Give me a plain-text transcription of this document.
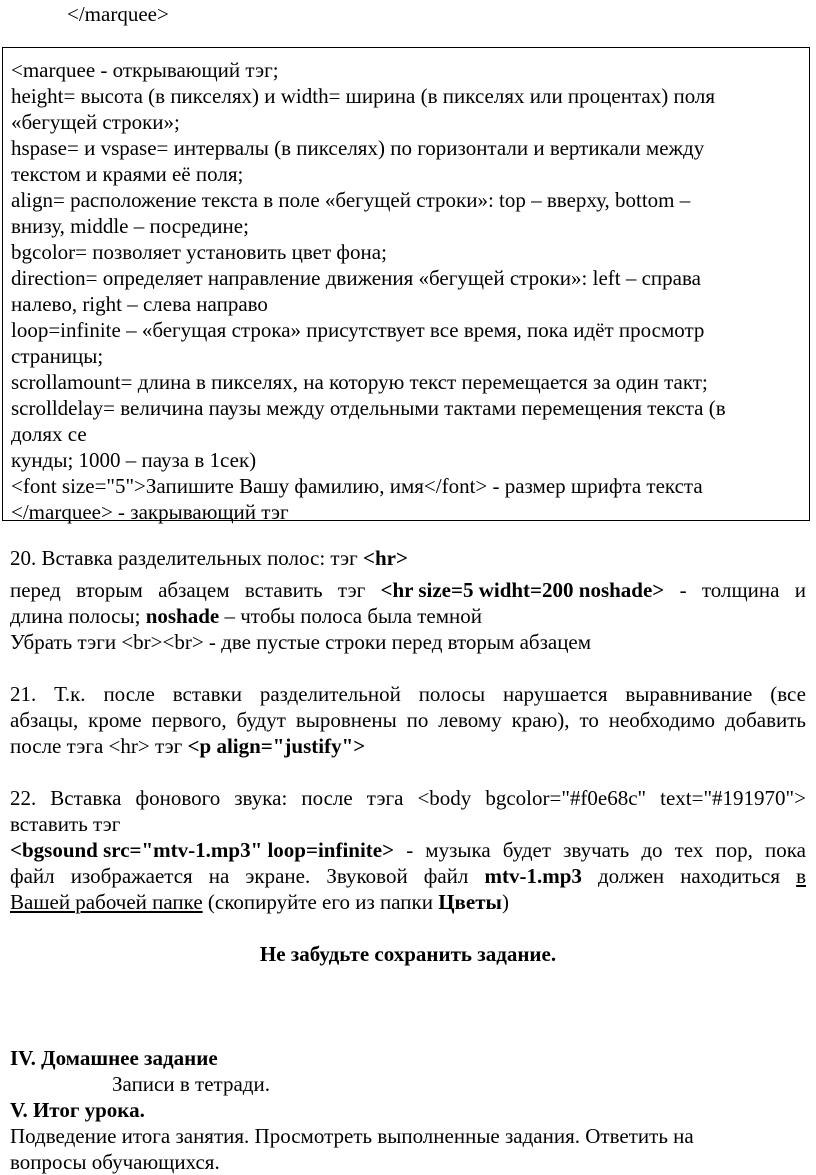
</marquee>
<marquee - открывающий тэг;
height= высота (в пикселях) и width= ширина (в пикселях или процентах) поля
«бегущей строки»;
hspase= и vspase= интервалы (в пикселях) по горизонтали и вертикали между
текстом и краями её поля;
align= расположение текста в поле «бегущей строки»: top – вверху, bottom –
внизу, middle – посредине;
bgcolor= позволяет установить цвет фона;
direction= определяет направление движения «бегущей строки»: left – справа
налево, right – слева направо
loop=infinite – «бегущая строка» присутствует все время, пока идёт просмотр
страницы;
scrollamount= длина в пикселях, на которую текст перемещается за один такт;
scrolldelay= величина паузы между отдельными тактами перемещения текста (в
долях се
кунды; 1000 – пауза в 1сек)
<font size="5">Запишите Вашу фамилию, имя</font> - размер шрифта текста
</marquee> - закрывающий тэг
20. Вставка разделительных полос: тэг <hr>
перед вторым абзацем вставить тэг <hr size=5 widht=200 noshade> - толщина и
длина полосы; noshade – чтобы полоса была темной
Убрать тэги <br><br> - две пустые строки перед вторым абзацем
21. Т.к. после вставки разделительной полосы нарушается выравнивание (все
абзацы, кроме первого, будут выровнены по левому краю), то необходимо добавить
после тэга <hr> тэг <p align="justify">
22. Вставка фонового звука: после тэга <body bgcolor="#f0e68c" text="#191970">
вставить тэг
<bgsound src="mtv-1.mp3" loop=infinite> - музыка будет звучать до тех пор, пока
файл изображается на экране. Звуковой файл mtv-1.mp3 должен находиться в
Вашей рабочей папке (скопируйте его из папки Цветы)
Не забудьте сохранить задание.
IV. Домашнее задание
Записи в тетради.
V. Итог урока.
Подведение итога занятия. Просмотреть выполненные задания. Ответить на
вопросы обучающихся.
